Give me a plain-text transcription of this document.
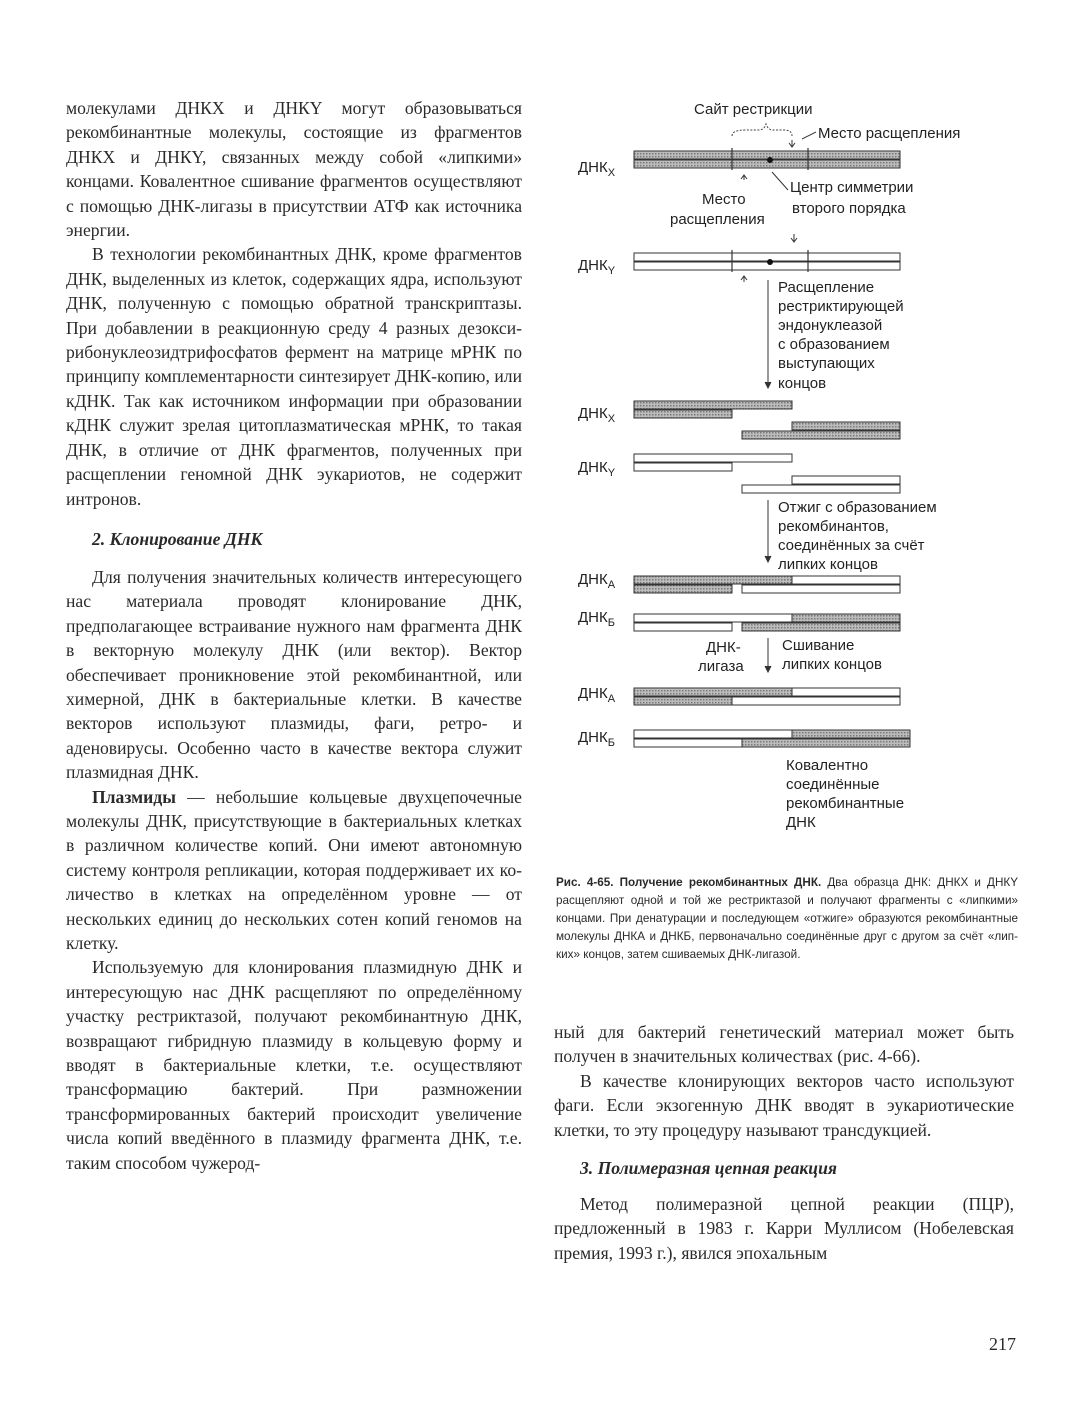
молекулами ДНКX и ДНКY могут образовываться рекомбинантные молекулы, состоящие из фрагментов ДНКX и ДНКY, связанных между собой «липкими» концами. Ковалентное сшивание фрагментов осуществляют с помощью ДНК-лигазы в присутствии АТФ как источника энергии.

В технологии рекомбинантных ДНК, кроме фрагментов ДНК, выделенных из клеток, содержащих ядра, используют ДНК, полученную с помощью обратной транскриптазы. При добавлении в реакционную среду 4 разных дезоксирибонуклеозидтрифосфатов фермент на матрице мРНК по принципу комплементарности синтезирует ДНК-копию, или кДНК. Так как источником информации при образовании кДНК служит зрелая цитоплазматическая мРНК, то такая ДНК, в отличие от ДНК фрагментов, полученных при расщеплении геномной ДНК эукариотов, не содержит интронов.

2. Клонирование ДНК

Для получения значительных количеств интересующего нас материала проводят клонирование ДНК, предполагающее встраивание нужного нам фрагмента ДНК в векторную молекулу ДНК (или вектор). Вектор обеспечивает проникновение этой рекомбинантной, или химерной, ДНК в бактериальные клетки. В качестве векторов используют плазмиды, фаги, ретро- и аденовирусы. Особенно часто в качестве вектора служит плазмидная ДНК.

Плазмиды — небольшие кольцевые двухцепочечные молекулы ДНК, присутствующие в бактериальных клетках в различном количестве копий. Они имеют автономную систему контроля репликации, которая поддерживает их количество в клетках на определённом уровне — от нескольких единиц до нескольких сотен копий геномов на клетку.

Используемую для клонирования плазмидную ДНК и интересующую нас ДНК расщепляют по определённому участку рестриктазой, получают рекомбинантную ДНК, возвращают гибридную плазмиду в кольцевую форму и вводят в бактериальные клетки, т.е. осуществляют трансформацию бактерий. При размножении трансформированных бактерий происходит увеличение числа копий введённого в плазмиду фрагмента ДНК, т.е. таким способом чужерод-

Сайт рестрикции
Место расщепления
$ДНК_X$
Центр симметрии
второго порядка
Место
расщепления
$ДНК_Y$
Расщепление
рестриктирующей
эндонуклеазой
с образованием
выступающих
концов
$ДНК_X$
$ДНК_Y$
Отжиг с образованием
рекомбинантов,
соединённых за счёт
липких концов
$ДНК_А$
$ДНК_Б$
ДНК-
лигаза
Сшивание
липких концов
$ДНК_А$
$ДНК_Б$
Ковалентно
соединённые
рекомбинантные
ДНК
Рис. 4-65. Получение рекомбинантных ДНК. Два образца ДНК: ДНКX и ДНКY расщепляют одной и той же рестриктазой и получают фрагменты с «липкими» концами. При денатурации и последующем «отжиге» образуются рекомбинантные молекулы ДНКА и ДНКБ, первоначально соединённые друг с другом за счёт «липких» концов, затем сшиваемых ДНК-лигазой.

ный для бактерий генетический материал может быть получен в значительных количествах (рис. 4-66).

В качестве клонирующих векторов часто используют фаги. Если экзогенную ДНК вводят в эукариотические клетки, то эту процедуру называют трансдукцией.

3. Полимеразная цепная реакция

Метод полимеразной цепной реакции (ПЦР), предложенный в 1983 г. Карри Муллисом (Нобелевская премия, 1993 г.), явился эпохальным

217
